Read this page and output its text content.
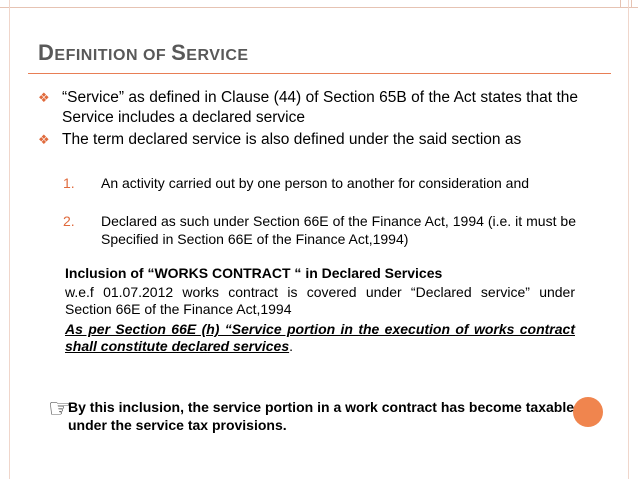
DEFINITION OF SERVICE
❖ “Service” as defined in Clause (44) of Section 65B of the Act states that the Service includes a declared service
❖ The term declared service is also defined under the said section as
1. An activity carried out by one person to another for consideration and
2. Declared as such under Section 66E of the Finance Act, 1994 (i.e. it must be Specified in Section 66E of the Finance Act,1994)
Inclusion of “WORKS CONTRACT “ in Declared Services
w.e.f 01.07.2012 works contract is covered under “Declared service” under Section 66E of the Finance Act,1994
As per Section 66E (h) “Service portion in the execution of works contract shall constitute declared services.
☞
By this inclusion, the service portion in a work contract has become taxable under the service tax provisions.
